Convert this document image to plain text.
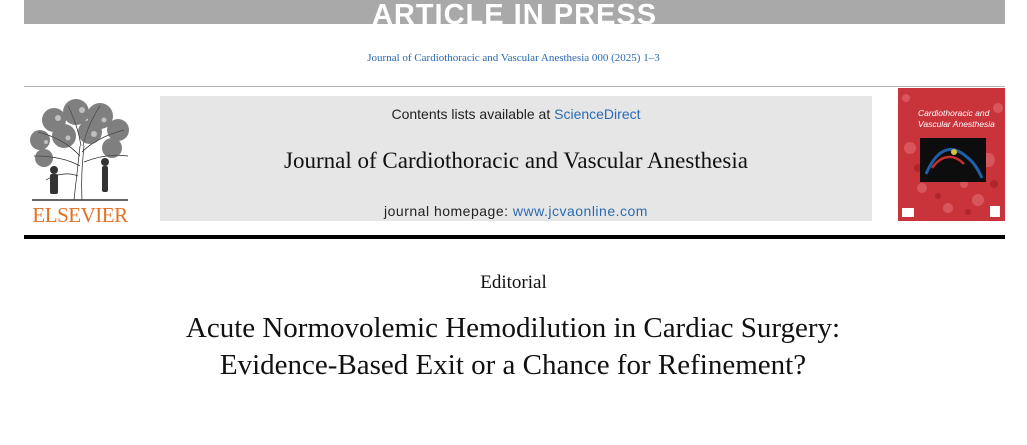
ARTICLE IN PRESS
Journal of Cardiothoracic and Vascular Anesthesia 000 (2025) 1–3
ELSEVIER
Contents lists available at ScienceDirect
Journal of Cardiothoracic and Vascular Anesthesia
journal homepage: www.jcvaonline.com
Cardiothoracic and
Vascular Anesthesia
Editorial
Acute Normovolemic Hemodilution in Cardiac Surgery: Evidence-Based Exit or a Chance for Refinement?
